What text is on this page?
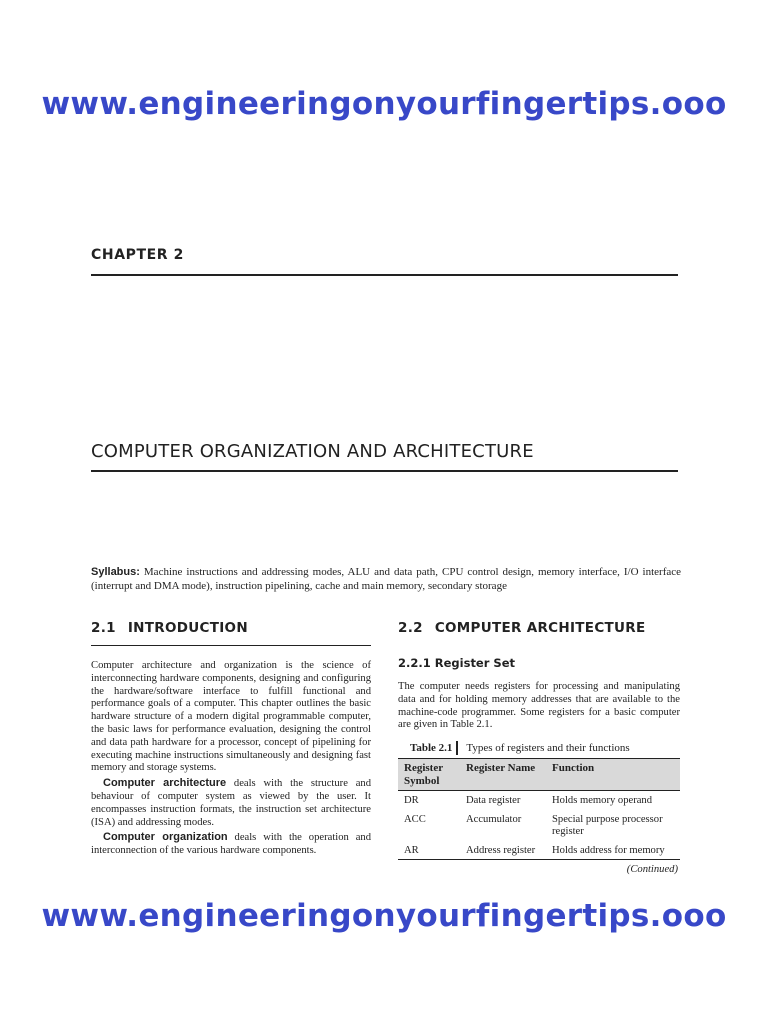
www.engineeringonyourfingertips.ooo
CHAPTER 2
COMPUTER ORGANIZATION AND ARCHITECTURE
Syllabus: Machine instructions and addressing modes, ALU and data path, CPU control design, memory interface, I/O interface (interrupt and DMA mode), instruction pipelining, cache and main memory, secondary storage
2.1 INTRODUCTION
Computer architecture and organization is the science of interconnecting hardware components, designing and configuring the hardware/software interface to fulfill functional and performance goals of a computer. This chapter outlines the basic hardware structure of a modern digital programmable computer, the basic laws for performance evaluation, designing the control and data path hardware for a processor, concept of pipelining for executing machine instructions simultaneously and designing fast memory and storage systems.
Computer architecture deals with the structure and behaviour of computer system as viewed by the user. It encompasses instruction formats, the instruction set architecture (ISA) and addressing modes.
Computer organization deals with the operation and interconnection of the various hardware components.
2.2 COMPUTER ARCHITECTURE
2.2.1 Register Set
The computer needs registers for processing and manipulating data and for holding memory addresses that are available to the machine-code programmer. Some registers for a basic computer are given in Table 2.1.
Table 2.1 Types of registers and their functions
Register Symbol	Register Name	Function
DR	Data register	Holds memory operand
ACC	Accumulator	Special purpose processor register
AR	Address register	Holds address for memory
(Continued)
www.engineeringonyourfingertips.ooo
